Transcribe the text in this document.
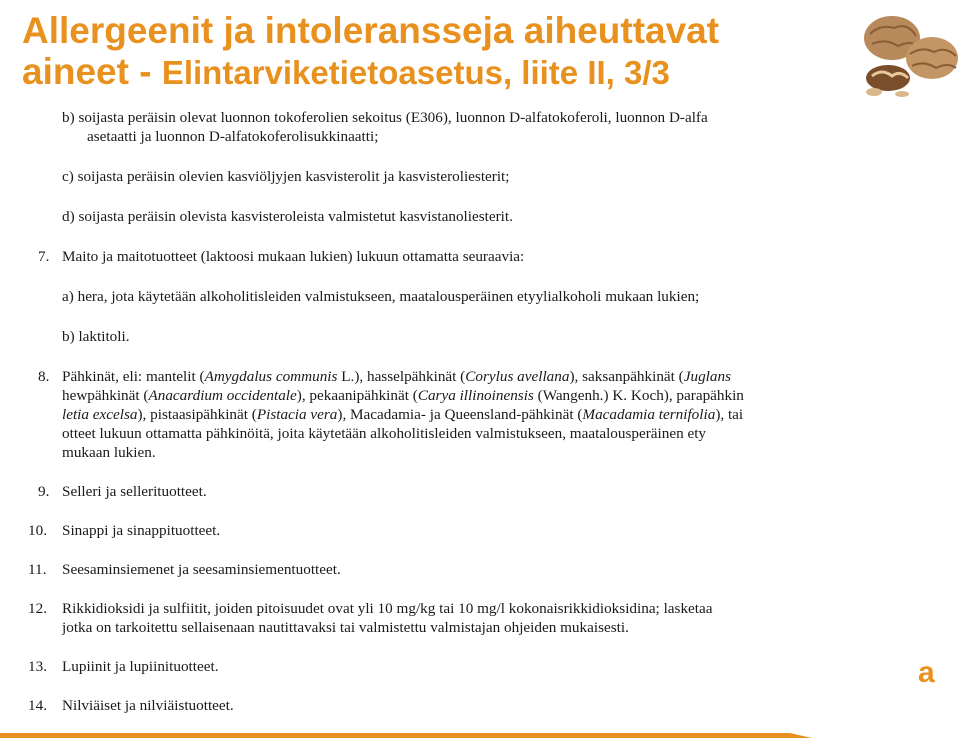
Allergeenit ja intoleransseja aiheuttavat
aineet - Elintarviketietoasetus, liite II, 3/3
b) soijasta peräisin olevat luonnon tokoferolien sekoitus (E306), luonnon D-alfatokoferoli, luonnon D-alfa
asetaatti ja luonnon D-alfatokoferolisukkinaatti;
c) soijasta peräisin olevien kasviöljyjen kasvisterolit ja kasvisteroliesterit;
d) soijasta peräisin olevista kasvisteroleista valmistetut kasvistanoliesterit.
7. Maito ja maitotuotteet (laktoosi mukaan lukien) lukuun ottamatta seuraavia:
a) hera, jota käytetään alkoholitisleiden valmistukseen, maatalousperäinen etyylialkoholi mukaan lukien;
b) laktitoli.
8. Pähkinät, eli: mantelit (Amygdalus communis L.), hasselpähkinät (Corylus avellana), saksanpähkinät (Juglans
hewpähkinät (Anacardium occidentale), pekaanipähkinät (Carya illinoinensis (Wangenh.) K. Koch), parapähkin
letia excelsa), pistaasipähkinät (Pistacia vera), Macadamia- ja Queensland-pähkinät (Macadamia ternifolia), tai
otteet lukuun ottamatta pähkinöitä, joita käytetään alkoholitisleiden valmistukseen, maatalousperäinen ety
mukaan lukien.
9. Selleri ja sellerituotteet.
10. Sinappi ja sinappituotteet.
11.	Seesaminsiemenet ja seesaminsiementuotteet.
12. Rikkidioksidi ja sulfiitit, joiden pitoisuudet ovat yli 10 mg/kg tai 10 mg/l kokonaisrikkidioksidina; lasketaa
jotka on tarkoitettu sellaisenaan nautittavaksi tai valmistettu valmistajan ohjeiden mukaisesti.
13. Lupiinit ja lupiinituotteet.
14. Nilviäiset ja nilviäistuotteet.
a
